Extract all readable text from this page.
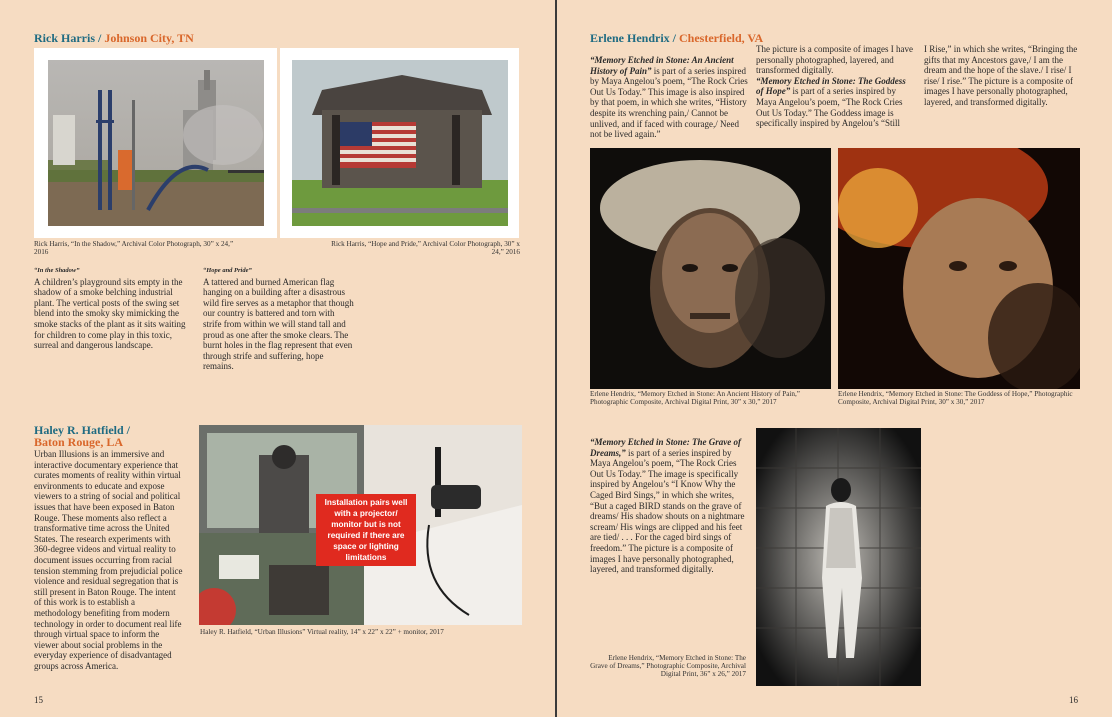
Rick Harris / Johnson City, TN
Rick Harris, “In the Shadow,” Archival Color Photograph, 30” x 24,” 2016
Rick Harris, “Hope and Pride,” Archival Color Photograph, 30” x 24,” 2016
“In the Shadow”
A children’s playground sits empty in the shadow of a smoke belching industrial plant. The vertical posts of the swing set blend into the smoky sky mimicking the smoke stacks of the plant as it sits waiting for children to come play in this toxic, surreal and dangerous landscape.
“Hope and Pride”
A tattered and burned American flag hanging on a building after a disastrous wild fire serves as a metaphor that though our country is battered and torn with strife from within we will stand tall and proud as one after the smoke clears. The burnt holes in the flag represent that even through strife and suffering, hope remains.
Haley R. Hatfield /
Baton Rouge, LA
Urban Illusions is an immersive and interactive documentary experience that curates moments of reality within virtual environments to educate and expose viewers to a string of social and political issues that have been exposed in Baton Rouge. These moments also reflect a transformative time across the United States. The research experiments with 360-degree videos and virtual reality to document issues occurring from racial tension stemming from prejudicial police violence and residual segregation that is still present in Baton Rouge. The intent of this work is to establish a methodology benefiting from modern technology in order to document real life through virtual space to inform the viewer about social problems in the everyday experience of disadvantaged groups across America.
Installation pairs well with a projector/ monitor but is not required if there are space or lighting limitations
Haley R. Hatfield, “Urban Illusions” Virtual reality, 14” x 22” x 22” + monitor, 2017
15
Erlene Hendrix / Chesterfield, VA
“Memory Etched in Stone: An Ancient History of Pain” is part of a series inspired by Maya Angelou’s poem, “The Rock Cries Out Us Today.” This image is also inspired by that poem, in which she writes, “History despite its wrenching pain,/ Cannot be unlived, and if faced with courage,/ Need not be lived again.”
The picture is a composite of images I have personally photographed, layered, and transformed digitally.
“Memory Etched in Stone: The Goddess of Hope” is part of a series inspired by Maya Angelou’s poem, “The Rock Cries Out Us Today.” The Goddess image is specifically inspired by Angelou’s “Still
I Rise,” in which she writes, “Bringing the gifts that my Ancestors gave,/ I am the dream and the hope of the slave./ I rise/ I rise/ I rise.” The picture is a composite of images I have personally photographed, layered, and transformed digitally.
Erlene Hendrix, “Memory Etched in Stone: An Ancient History of Pain,” Photographic Composite, Archival Digital Print, 30” x 30,” 2017
Erlene Hendrix, “Memory Etched in Stone: The Goddess of Hope,” Photographic Composite, Archival Digital Print, 30” x 30,” 2017
“Memory Etched in Stone: The Grave of Dreams,” is part of a series inspired by Maya Angelou’s poem, “The Rock Cries Out Us Today.” The image is specifically inspired by Angelou’s “I Know Why the Caged Bird Sings,” in which she writes, “But a caged BIRD stands on the grave of dreams/ His shadow shouts on a nightmare scream/ His wings are clipped and his feet are tied/ . . . For the caged bird sings of freedom.” The picture is a composite of images I have personally photographed, layered, and transformed digitally.
Erlene Hendrix, “Memory Etched in Stone: The Grave of Dreams,” Photographic Composite, Archival Digital Print, 36” x 26,” 2017
16
